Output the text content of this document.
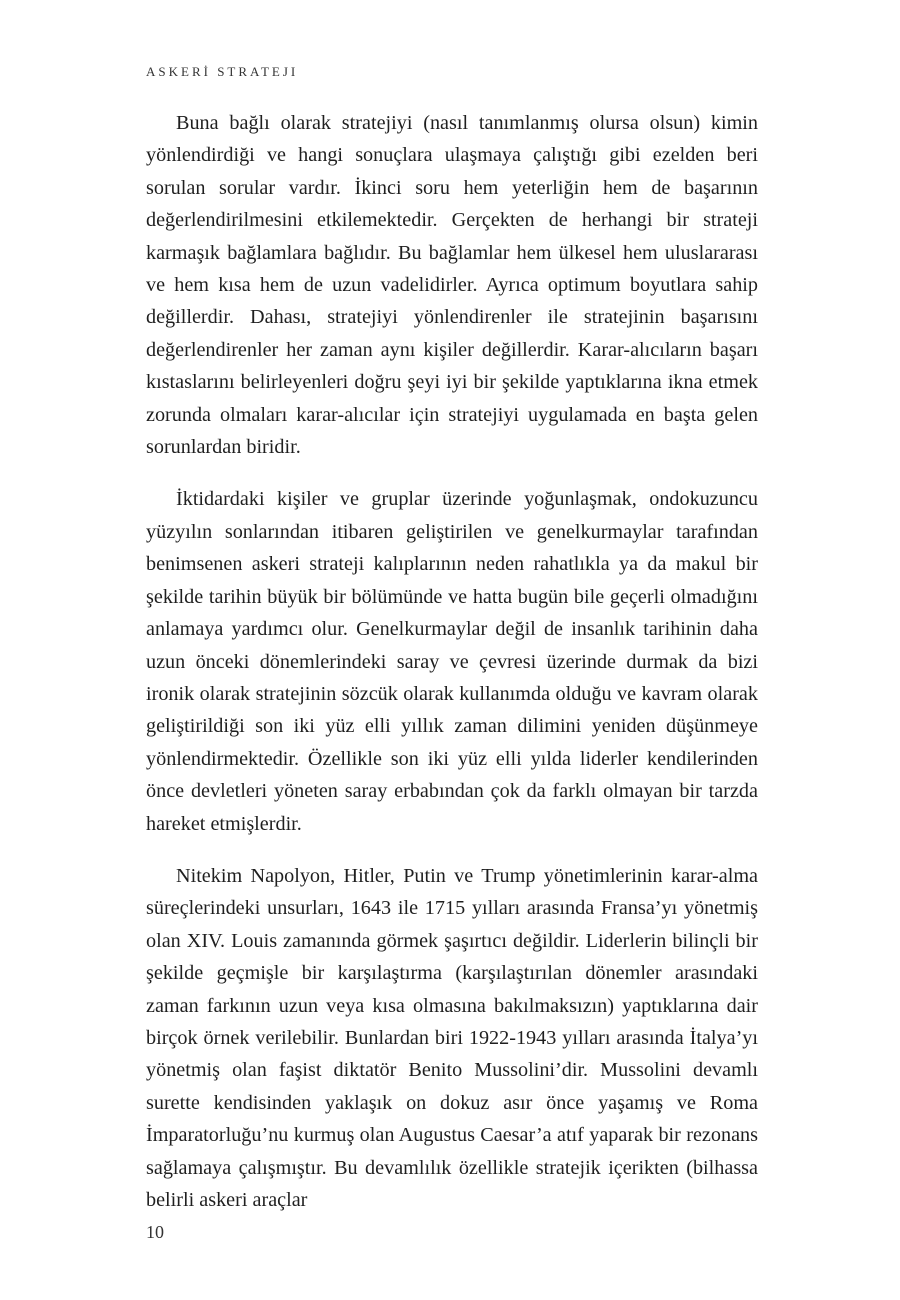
ASKERİ STRATEJI

Buna bağlı olarak stratejiyi (nasıl tanımlanmış olursa olsun) kimin yönlendirdiği ve hangi sonuçlara ulaşmaya çalıştığı gibi ezelden beri sorulan sorular vardır. İkinci soru hem yeterliğin hem de başarının değerlendirilmesini etkilemektedir. Gerçekten de herhangi bir strateji karmaşık bağlamlara bağlıdır. Bu bağlamlar hem ülkesel hem uluslararası ve hem kısa hem de uzun vadelidirler. Ayrıca optimum boyutlara sahip değillerdir. Dahası, stratejiyi yönlendirenler ile stratejinin başarısını değerlendirenler her zaman aynı kişiler değillerdir. Karar-alıcıların başarı kıstaslarını belirleyenleri doğru şeyi iyi bir şekilde yaptıklarına ikna etmek zorunda olmaları karar-alıcılar için stratejiyi uygulamada en başta gelen sorunlardan biridir.

İktidardaki kişiler ve gruplar üzerinde yoğunlaşmak, ondokuzuncu yüzyılın sonlarından itibaren geliştirilen ve genelkurmaylar tarafından benimsenen askeri strateji kalıplarının neden rahatlıkla ya da makul bir şekilde tarihin büyük bir bölümünde ve hatta bugün bile geçerli olmadığını anlamaya yardımcı olur. Genelkurmaylar değil de insanlık tarihinin daha uzun önceki dönemlerindeki saray ve çevresi üzerinde durmak da bizi ironik olarak stratejinin sözcük olarak kullanımda olduğu ve kavram olarak geliştirildiği son iki yüz elli yıllık zaman dilimini yeniden düşünmeye yönlendirmektedir. Özellikle son iki yüz elli yılda liderler kendilerinden önce devletleri yöneten saray erbabından çok da farklı olmayan bir tarzda hareket etmişlerdir.

Nitekim Napolyon, Hitler, Putin ve Trump yönetimlerinin karar-alma süreçlerindeki unsurları, 1643 ile 1715 yılları arasında Fransa’yı yönetmiş olan XIV. Louis zamanında görmek şaşırtıcı değildir. Liderlerin bilinçli bir şekilde geçmişle bir karşılaştırma (karşılaştırılan dönemler arasındaki zaman farkının uzun veya kısa olmasına bakılmaksızın) yaptıklarına dair birçok örnek verilebilir. Bunlardan biri 1922-1943 yılları arasında İtalya’yı yönetmiş olan faşist diktatör Benito Mussolini’dir. Mussolini devamlı surette kendisinden yaklaşık on dokuz asır önce yaşamış ve Roma İmparatorluğu’nu kurmuş olan Augustus Caesar’a atıf yaparak bir rezonans sağlamaya çalışmıştır. Bu devamlılık özellikle stratejik içerikten (bilhassa belirli askeri araçlar

10
